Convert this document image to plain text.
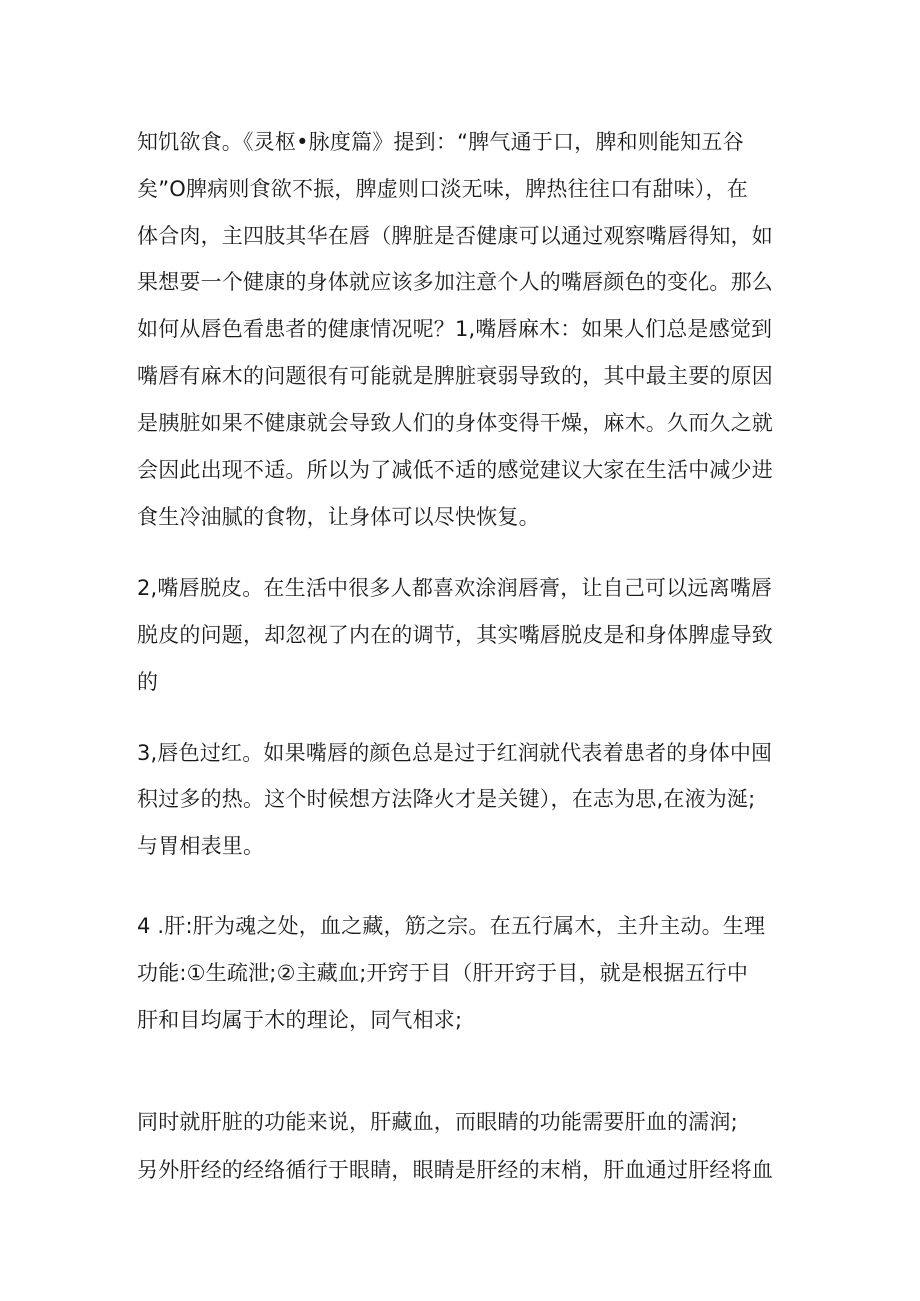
知饥欲食。《灵枢•脉度篇》提到：“脾气通于口，脾和则能知五谷
矣”O脾病则食欲不振，脾虚则口淡无味，脾热往往口有甜味），在
体合肉，主四肢其华在唇（脾脏是否健康可以通过观察嘴唇得知，如
果想要一个健康的身体就应该多加注意个人的嘴唇颜色的变化。那么
如何从唇色看患者的健康情况呢？1,嘴唇麻木：如果人们总是感觉到
嘴唇有麻木的问题很有可能就是脾脏衰弱导致的，其中最主要的原因
是胰脏如果不健康就会导致人们的身体变得干燥，麻木。久而久之就
会因此出现不适。所以为了减低不适的感觉建议大家在生活中减少进
食生冷油腻的食物，让身体可以尽快恢复。
2,嘴唇脱皮。在生活中很多人都喜欢涂润唇膏，让自己可以远离嘴唇
脱皮的问题，却忽视了内在的调节，其实嘴唇脱皮是和身体脾虚导致
的
3,唇色过红。如果嘴唇的颜色总是过于红润就代表着患者的身体中囤
积过多的热。这个时候想方法降火才是关键），在志为思,在液为涎;
与胃相表里。
4 .肝:肝为魂之处，血之藏，筋之宗。在五行属木，主升主动。生理
功能:①生疏泄;②主藏血;开窍于目（肝开窍于目，就是根据五行中
肝和目均属于木的理论，同气相求;
同时就肝脏的功能来说，肝藏血，而眼睛的功能需要肝血的濡润;
另外肝经的经络循行于眼睛，眼睛是肝经的末梢，肝血通过肝经将血
